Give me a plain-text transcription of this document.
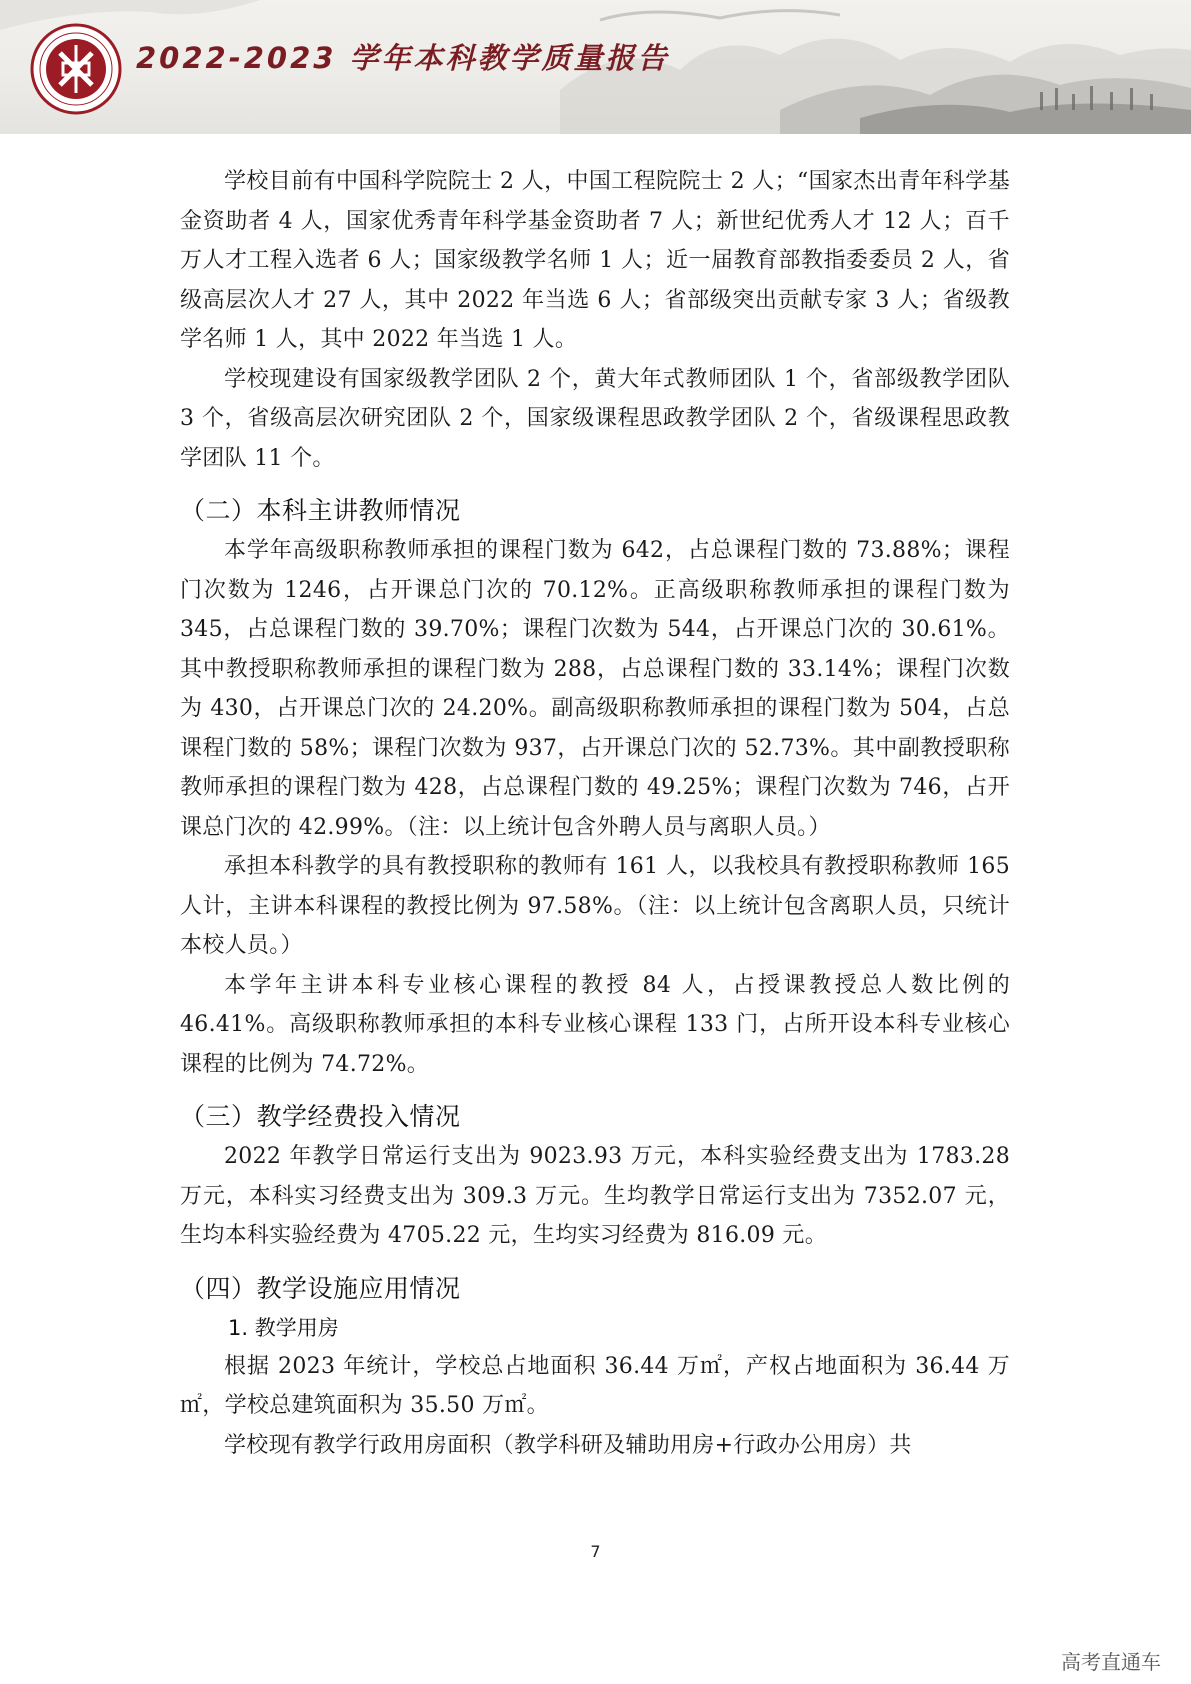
2022-2023 学年本科教学质量报告

学校目前有中国科学院院士 2 人，中国工程院院士 2 人；“国家杰出青年科学基金资助者 4 人，国家优秀青年科学基金资助者 7 人；新世纪优秀人才 12 人；百千万人才工程入选者 6 人；国家级教学名师 1 人；近一届教育部教指委委员 2 人，省级高层次人才 27 人，其中 2022 年当选 6 人；省部级突出贡献专家 3 人；省级教学名师 1 人，其中 2022 年当选 1 人。

学校现建设有国家级教学团队 2 个，黄大年式教师团队 1 个，省部级教学团队 3 个，省级高层次研究团队 2 个，国家级课程思政教学团队 2 个，省级课程思政教学团队 11 个。

（二）本科主讲教师情况

本学年高级职称教师承担的课程门数为 642，占总课程门数的 73.88%；课程门次数为 1246，占开课总门次的 70.12%。正高级职称教师承担的课程门数为 345，占总课程门数的 39.70%；课程门次数为 544，占开课总门次的 30.61%。其中教授职称教师承担的课程门数为 288，占总课程门数的 33.14%；课程门次数为 430，占开课总门次的 24.20%。副高级职称教师承担的课程门数为 504，占总课程门数的 58%；课程门次数为 937，占开课总门次的 52.73%。其中副教授职称教师承担的课程门数为 428，占总课程门数的 49.25%；课程门次数为 746，占开课总门次的 42.99%。（注：以上统计包含外聘人员与离职人员。）

承担本科教学的具有教授职称的教师有 161 人，以我校具有教授职称教师 165 人计，主讲本科课程的教授比例为 97.58%。（注：以上统计包含离职人员，只统计本校人员。）

本学年主讲本科专业核心课程的教授 84 人，占授课教授总人数比例的 46.41%。高级职称教师承担的本科专业核心课程 133 门，占所开设本科专业核心课程的比例为 74.72%。

（三）教学经费投入情况

2022 年教学日常运行支出为 9023.93 万元，本科实验经费支出为 1783.28 万元，本科实习经费支出为 309.3 万元。生均教学日常运行支出为 7352.07 元，生均本科实验经费为 4705.22 元，生均实习经费为 816.09 元。

（四）教学设施应用情况
1. 教学用房

根据 2023 年统计，学校总占地面积 36.44 万㎡，产权占地面积为 36.44 万㎡，学校总建筑面积为 35.50 万㎡。

学校现有教学行政用房面积（教学科研及辅助用房+行政办公用房）共

7
高考直通车
